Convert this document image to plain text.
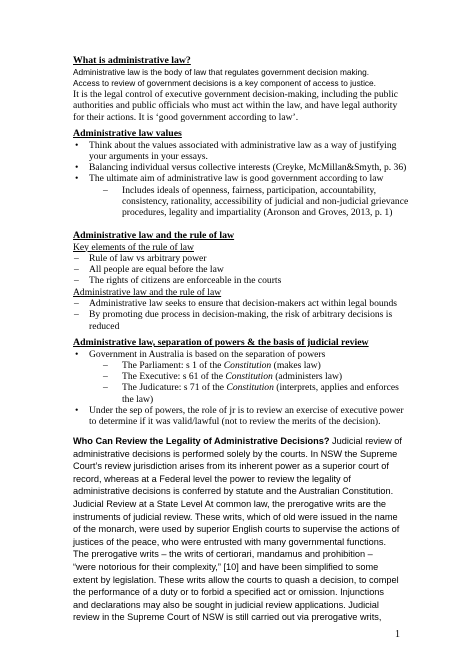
What is administrative law?
Administrative law is the body of law that regulates government decision making.
Access to review of government decisions is a key component of access to justice.
It is the legal control of executive government decision-making, including the public
authorities and public officials who must act within the law, and have legal authority
for their actions. It is ‘good government according to law’.
Administrative law values
•	Think about the values associated with administrative law as a way of justifying
your arguments in your essays.
•	Balancing individual versus collective interests (Creyke, McMillan&Smyth, p. 36)
•	The ultimate aim of administrative law is good government according to law
–	Includes ideals of openness, fairness, participation, accountability,
consistency, rationality, accessibility of judicial and non-judicial grievance
procedures, legality and impartiality (Aronson and Groves, 2013, p. 1)
Administrative law and the rule of law
Key elements of the rule of law
–	Rule of law vs arbitrary power
–	All people are equal before the law
–	The rights of citizens are enforceable in the courts
Administrative law and the rule of law
–	Administrative law seeks to ensure that decision-makers act within legal bounds
–	By promoting due process in decision-making, the risk of arbitrary decisions is
reduced
Administrative law, separation of powers & the basis of judicial review
•	Government in Australia is based on the separation of powers
–	The Parliament: s 1 of the Constitution (makes law)
–	The Executive: s 61 of the Constitution (administers law)
–	The Judicature: s 71 of the Constitution (interprets, applies and enforces
the law)
•	Under the sep of powers, the role of jr is to review an exercise of executive power
to determine if it was valid/lawful (not to review the merits of the decision).
Who Can Review the Legality of Administrative Decisions? Judicial review of
administrative decisions is performed solely by the courts. In NSW the Supreme
Court’s review jurisdiction arises from its inherent power as a superior court of
record, whereas at a Federal level the power to review the legality of
administrative decisions is conferred by statute and the Australian Constitution.
Judicial Review at a State Level At common law, the prerogative writs are the
instruments of judicial review. These writs, which of old were issued in the name
of the monarch, were used by superior English courts to supervise the actions of
justices of the peace, who were entrusted with many governmental functions.
The prerogative writs – the writs of certiorari, mandamus and prohibition –
“were notorious for their complexity,” [10] and have been simplified to some
extent by legislation. These writs allow the courts to quash a decision, to compel
the performance of a duty or to forbid a specified act or omission. Injunctions
and declarations may also be sought in judicial review applications. Judicial
review in the Supreme Court of NSW is still carried out via prerogative writs,
1
